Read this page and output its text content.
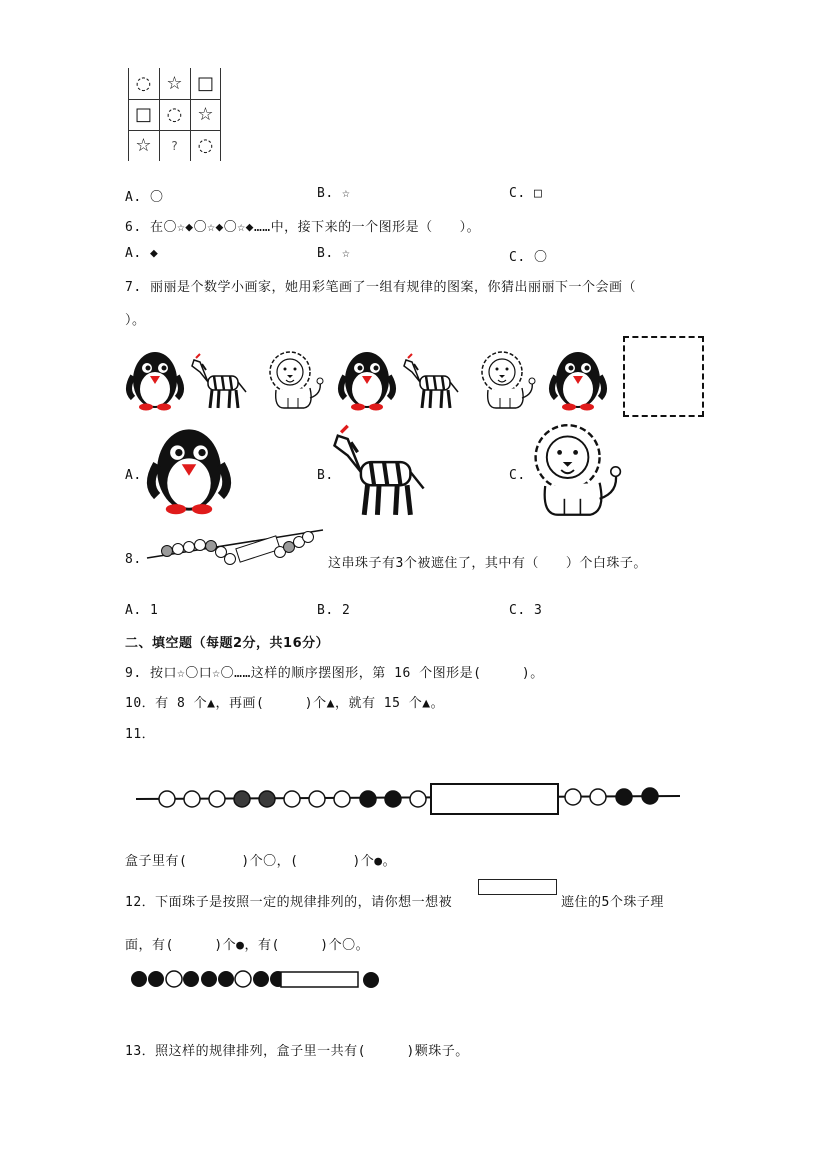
◌ ☆ □
□ ◌ ☆
☆	?	◌
A. 〇	B. ☆	C. □
6. 在〇☆◆〇☆◆〇☆◆……中，接下来的一个图形是（　　）。
A. ◆	B. ☆	C. 〇
7. 丽丽是个数学小画家，她用彩笔画了一组有规律的图案，你猜出丽丽下一个会画（
）。
A.	B.	C.
8.	这串珠子有3个被遮住了，其中有（　　）个白珠子。
A. 1	B. 2	C. 3
二、填空题（每题2分，共16分）
9. 按口☆〇口☆〇……这样的顺序摆图形，第 16 个图形是(　　　)。
10．有 8 个▲，再画(　　　)个▲，就有 15 个▲。
11．
盒子里有(　　　　)个〇，(　　　　)个●。
12．下面珠子是按照一定的规律排列的，请你想一想被	遮住的5个珠子理
面，有(　　　)个●，有(　　　)个〇。
13．照这样的规律排列，盒子里一共有(　　　)颗珠子。
